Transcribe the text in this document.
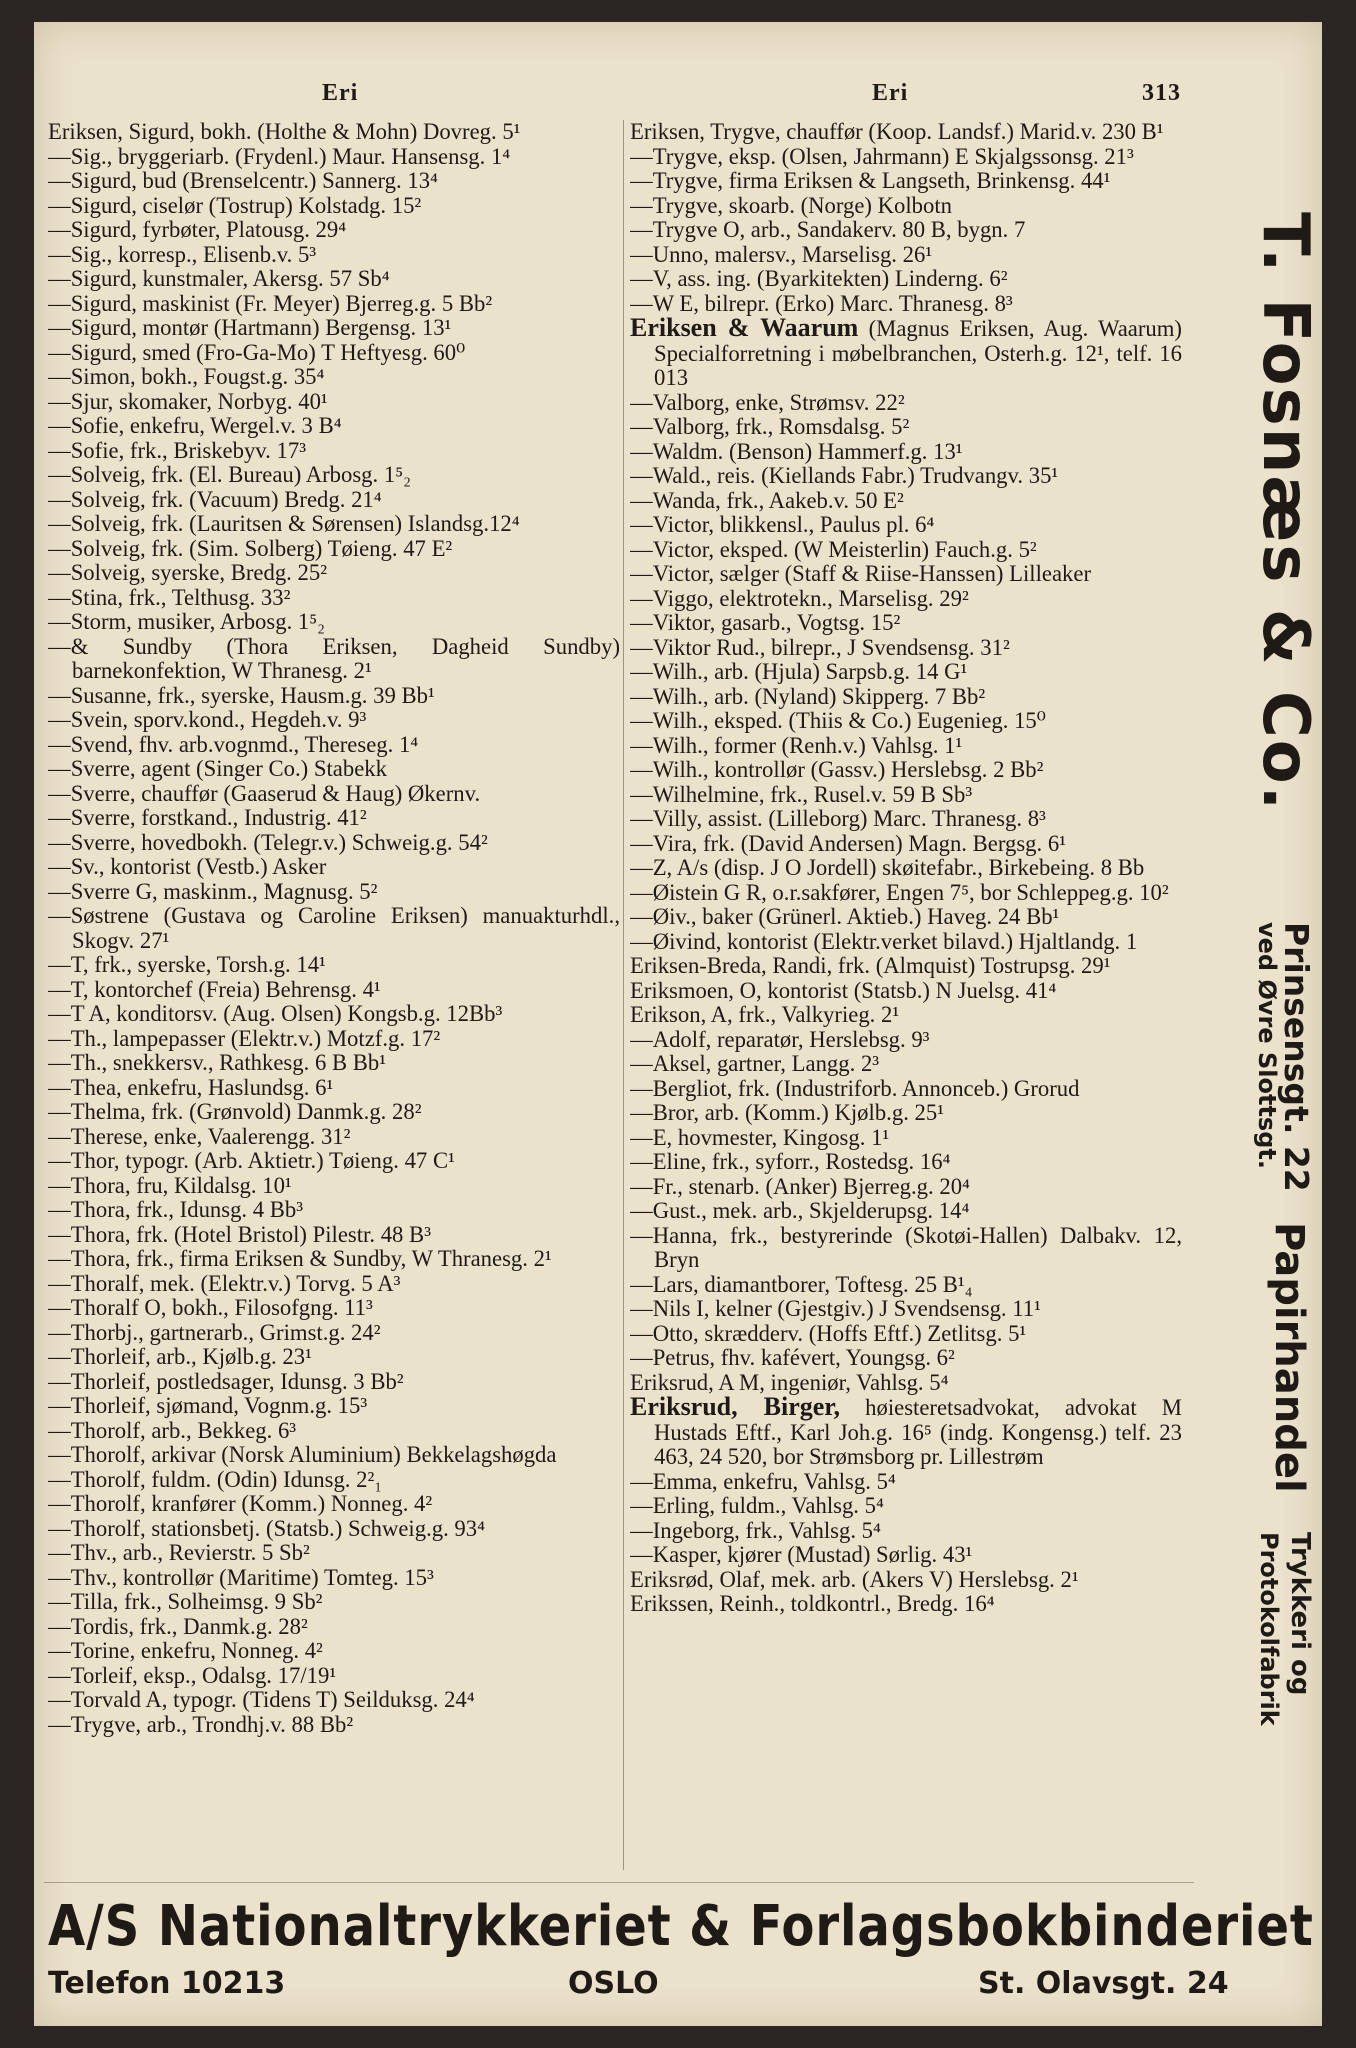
Eri	Eri	313

Eriksen, Sigurd, bokh. (Holthe & Mohn) Dovreg. 5¹

—Sig., bryggeriarb. (Frydenl.) Maur. Hansensg. 1⁴

—Sigurd, bud (Brenselcentr.) Sannerg. 13⁴

—Sigurd, ciselør (Tostrup) Kolstadg. 15²

—Sigurd, fyrbøter, Platousg. 29⁴

—Sig., korresp., Elisenb.v. 5³

—Sigurd, kunstmaler, Akersg. 57 Sb⁴

—Sigurd, maskinist (Fr. Meyer) Bjerreg.g. 5 Bb²

—Sigurd, montør (Hartmann) Bergensg. 13¹

—Sigurd, smed (Fro-Ga-Mo) T Heftyesg. 60⁰

—Simon, bokh., Fougst.g. 35⁴

—Sjur, skomaker, Norbyg. 40¹

—Sofie, enkefru, Wergel.v. 3 B⁴

—Sofie, frk., Briskebyv. 17³

—Solveig, frk. (El. Bureau) Arbosg. 1⁵₂

—Solveig, frk. (Vacuum) Bredg. 21⁴

—Solveig, frk. (Lauritsen & Sørensen) Islandsg.12⁴

—Solveig, frk. (Sim. Solberg) Tøieng. 47 E²

—Solveig, syerske, Bredg. 25²

—Stina, frk., Telthusg. 33²

—Storm, musiker, Arbosg. 1⁵₂

—& Sundby (Thora Eriksen, Dagheid Sundby) barnekonfektion, W Thranesg. 2¹

—Susanne, frk., syerske, Hausm.g. 39 Bb¹

—Svein, sporv.kond., Hegdeh.v. 9³

—Svend, fhv. arb.vognmd., Thereseg. 1⁴

—Sverre, agent (Singer Co.) Stabekk

—Sverre, chauffør (Gaaserud & Haug) Økernv.

—Sverre, forstkand., Industrig. 41²

—Sverre, hovedbokh. (Telegr.v.) Schweig.g. 54²

—Sv., kontorist (Vestb.) Asker

—Sverre G, maskinm., Magnusg. 5²

—Søstrene (Gustava og Caroline Eriksen) manuakturhdl., Skogv. 27¹

—T, frk., syerske, Torsh.g. 14¹

—T, kontorchef (Freia) Behrensg. 4¹

—T A, konditorsv. (Aug. Olsen) Kongsb.g. 12Bb³

—Th., lampepasser (Elektr.v.) Motzf.g. 17²

—Th., snekkersv., Rathkesg. 6 B Bb¹

—Thea, enkefru, Haslundsg. 6¹

—Thelma, frk. (Grønvold) Danmk.g. 28²

—Therese, enke, Vaalerengg. 31²

—Thor, typogr. (Arb. Aktietr.) Tøieng. 47 C¹

—Thora, fru, Kildalsg. 10¹

—Thora, frk., Idunsg. 4 Bb³

—Thora, frk. (Hotel Bristol) Pilestr. 48 B³

—Thora, frk., firma Eriksen & Sundby, W Thranesg. 2¹

—Thoralf, mek. (Elektr.v.) Torvg. 5 A³

—Thoralf O, bokh., Filosofgng. 11³

—Thorbj., gartnerarb., Grimst.g. 24²

—Thorleif, arb., Kjølb.g. 23¹

—Thorleif, postledsager, Idunsg. 3 Bb²

—Thorleif, sjømand, Vognm.g. 15³

—Thorolf, arb., Bekkeg. 6³

—Thorolf, arkivar (Norsk Aluminium) Bekkelagshøgda

—Thorolf, fuldm. (Odin) Idunsg. 2²₁

—Thorolf, kranfører (Komm.) Nonneg. 4²

—Thorolf, stationsbetj. (Statsb.) Schweig.g. 93⁴

—Thv., arb., Revierstr. 5 Sb²

—Thv., kontrollør (Maritime) Tomteg. 15³

—Tilla, frk., Solheimsg. 9 Sb²

—Tordis, frk., Danmk.g. 28²

—Torine, enkefru, Nonneg. 4²

—Torleif, eksp., Odalsg. 17/19¹

—Torvald A, typogr. (Tidens T) Seilduksg. 24⁴

—Trygve, arb., Trondhj.v. 88 Bb²

Eriksen, Trygve, chauffør (Koop. Landsf.) Marid.v. 230 B¹

—Trygve, eksp. (Olsen, Jahrmann) E Skjalgssonsg. 21³

—Trygve, firma Eriksen & Langseth, Brinkensg. 44¹

—Trygve, skoarb. (Norge) Kolbotn

—Trygve O, arb., Sandakerv. 80 B, bygn. 7

—Unno, malersv., Marselisg. 26¹

—V, ass. ing. (Byarkitekten) Linderng. 6²

—W E, bilrepr. (Erko) Marc. Thranesg. 8³

Eriksen & Waarum (Magnus Eriksen, Aug. Waarum) Specialforretning i møbelbranchen, Osterh.g. 12¹, telf. 16 013

—Valborg, enke, Strømsv. 22²

—Valborg, frk., Romsdalsg. 5²

—Waldm. (Benson) Hammerf.g. 13¹

—Wald., reis. (Kiellands Fabr.) Trudvangv. 35¹

—Wanda, frk., Aakeb.v. 50 E²

—Victor, blikkensl., Paulus pl. 6⁴

—Victor, eksped. (W Meisterlin) Fauch.g. 5²

—Victor, sælger (Staff & Riise-Hanssen) Lilleaker

—Viggo, elektrotekn., Marselisg. 29²

—Viktor, gasarb., Vogtsg. 15²

—Viktor Rud., bilrepr., J Svendsensg. 31²

—Wilh., arb. (Hjula) Sarpsb.g. 14 G¹

—Wilh., arb. (Nyland) Skipperg. 7 Bb²

—Wilh., eksped. (Thiis & Co.) Eugenieg. 15⁰

—Wilh., former (Renh.v.) Vahlsg. 1¹

—Wilh., kontrollør (Gassv.) Herslebsg. 2 Bb²

—Wilhelmine, frk., Rusel.v. 59 B Sb³

—Villy, assist. (Lilleborg) Marc. Thranesg. 8³

—Vira, frk. (David Andersen) Magn. Bergsg. 6¹

—Z, A/s (disp. J O Jordell) skøitefabr., Birkebeing. 8 Bb

—Øistein G R, o.r.sakfører, Engen 7⁵, bor Schleppeg.g. 10²

—Øiv., baker (Grünerl. Aktieb.) Haveg. 24 Bb¹

—Øivind, kontorist (Elektr.verket bilavd.) Hjaltlandg. 1

Eriksen-Breda, Randi, frk. (Almquist) Tostrupsg. 29¹

Eriksmoen, O, kontorist (Statsb.) N Juelsg. 41⁴

Erikson, A, frk., Valkyrieg. 2¹

—Adolf, reparatør, Herslebsg. 9³

—Aksel, gartner, Langg. 2³

—Bergliot, frk. (Industriforb. Annonceb.) Grorud

—Bror, arb. (Komm.) Kjølb.g. 25¹

—E, hovmester, Kingosg. 1¹

—Eline, frk., syforr., Rostedsg. 16⁴

—Fr., stenarb. (Anker) Bjerreg.g. 20⁴

—Gust., mek. arb., Skjelderupsg. 14⁴

—Hanna, frk., bestyrerinde (Skotøi-Hallen) Dalbakv. 12, Bryn

—Lars, diamantborer, Toftesg. 25 B¹₄

—Nils I, kelner (Gjestgiv.) J Svendsensg. 11¹

—Otto, skrædderv. (Hoffs Eftf.) Zetlitsg. 5¹

—Petrus, fhv. kafévert, Youngsg. 6²

Eriksrud, A M, ingeniør, Vahlsg. 5⁴

Eriksrud, Birger, høiesteretsadvokat, advokat M Hustads Eftf., Karl Joh.g. 16⁵ (indg. Kongensg.) telf. 23 463, 24 520, bor Strømsborg pr. Lillestrøm

—Emma, enkefru, Vahlsg. 5⁴

—Erling, fuldm., Vahlsg. 5⁴

—Ingeborg, frk., Vahlsg. 5⁴

—Kasper, kjører (Mustad) Sørlig. 43¹

Eriksrød, Olaf, mek. arb. (Akers V) Herslebsg. 2¹

Erikssen, Reinh., toldkontrl., Bredg. 16⁴

T. Fosnæs & Co.
Prinsensgt. 22
ved Øvre Slottsgt.
Papirhandel
Trykkeri og
Protokolfabrik
A/S Nationaltrykkeriet & Forlagsbokbinderiet
Telefon 10213	OSLO	St. Olavsgt. 24
